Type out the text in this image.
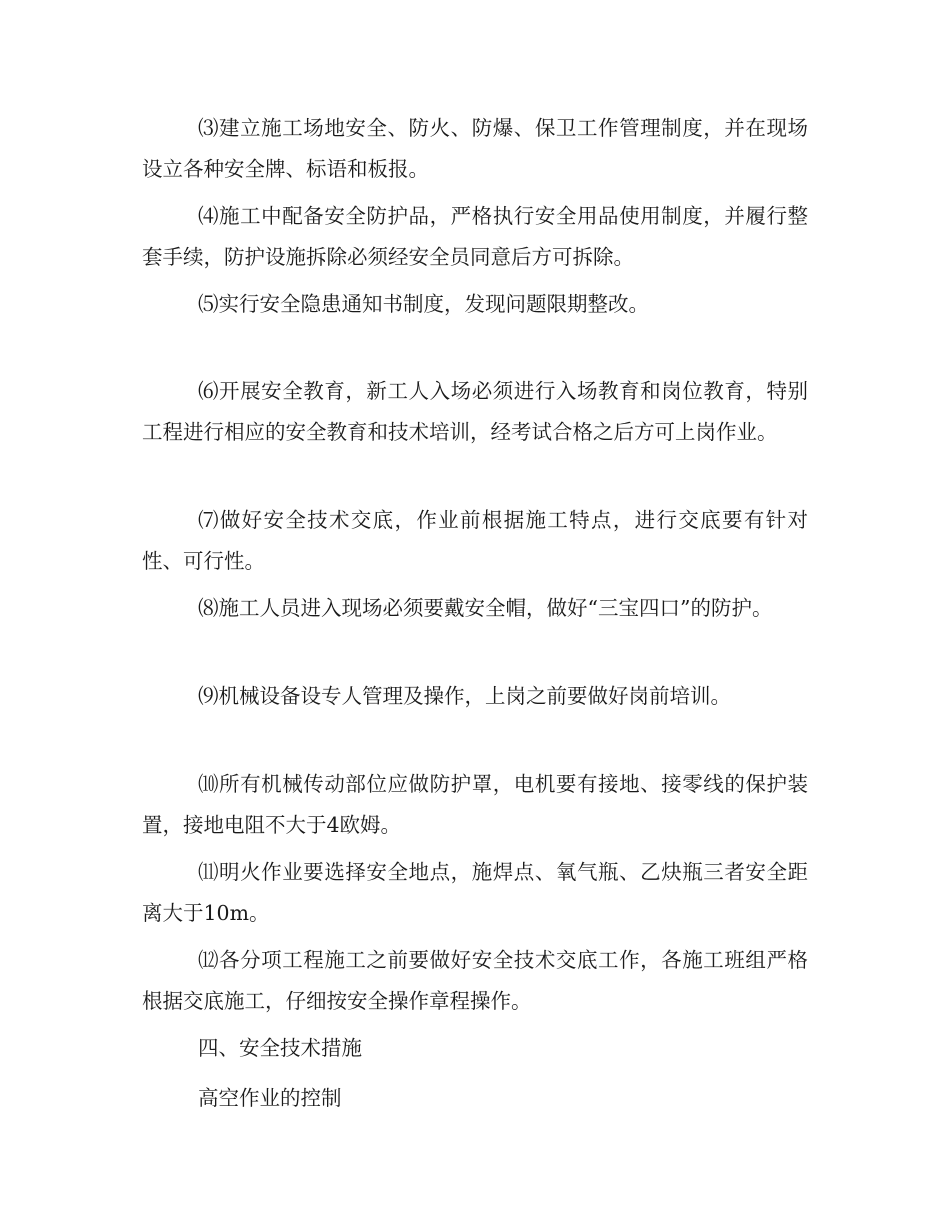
⑶建立施工场地安全、防火、防爆、保卫工作管理制度，并在现场设立各种安全牌、标语和板报。

⑷施工中配备安全防护品，严格执行安全用品使用制度，并履行整套手续，防护设施拆除必须经安全员同意后方可拆除。

⑸实行安全隐患通知书制度，发现问题限期整改。

⑹开展安全教育，新工人入场必须进行入场教育和岗位教育，特别工程进行相应的安全教育和技术培训，经考试合格之后方可上岗作业。

⑺做好安全技术交底，作业前根据施工特点，进行交底要有针对性、可行性。

⑻施工人员进入现场必须要戴安全帽，做好“三宝四口”的防护。

⑼机械设备设专人管理及操作，上岗之前要做好岗前培训。

⑽所有机械传动部位应做防护罩，电机要有接地、接零线的保护装置，接地电阻不大于4欧姆。

⑾明火作业要选择安全地点，施焊点、氧气瓶、乙炔瓶三者安全距离大于10m。

⑿各分项工程施工之前要做好安全技术交底工作，各施工班组严格根据交底施工，仔细按安全操作章程操作。

四、安全技术措施

高空作业的控制
